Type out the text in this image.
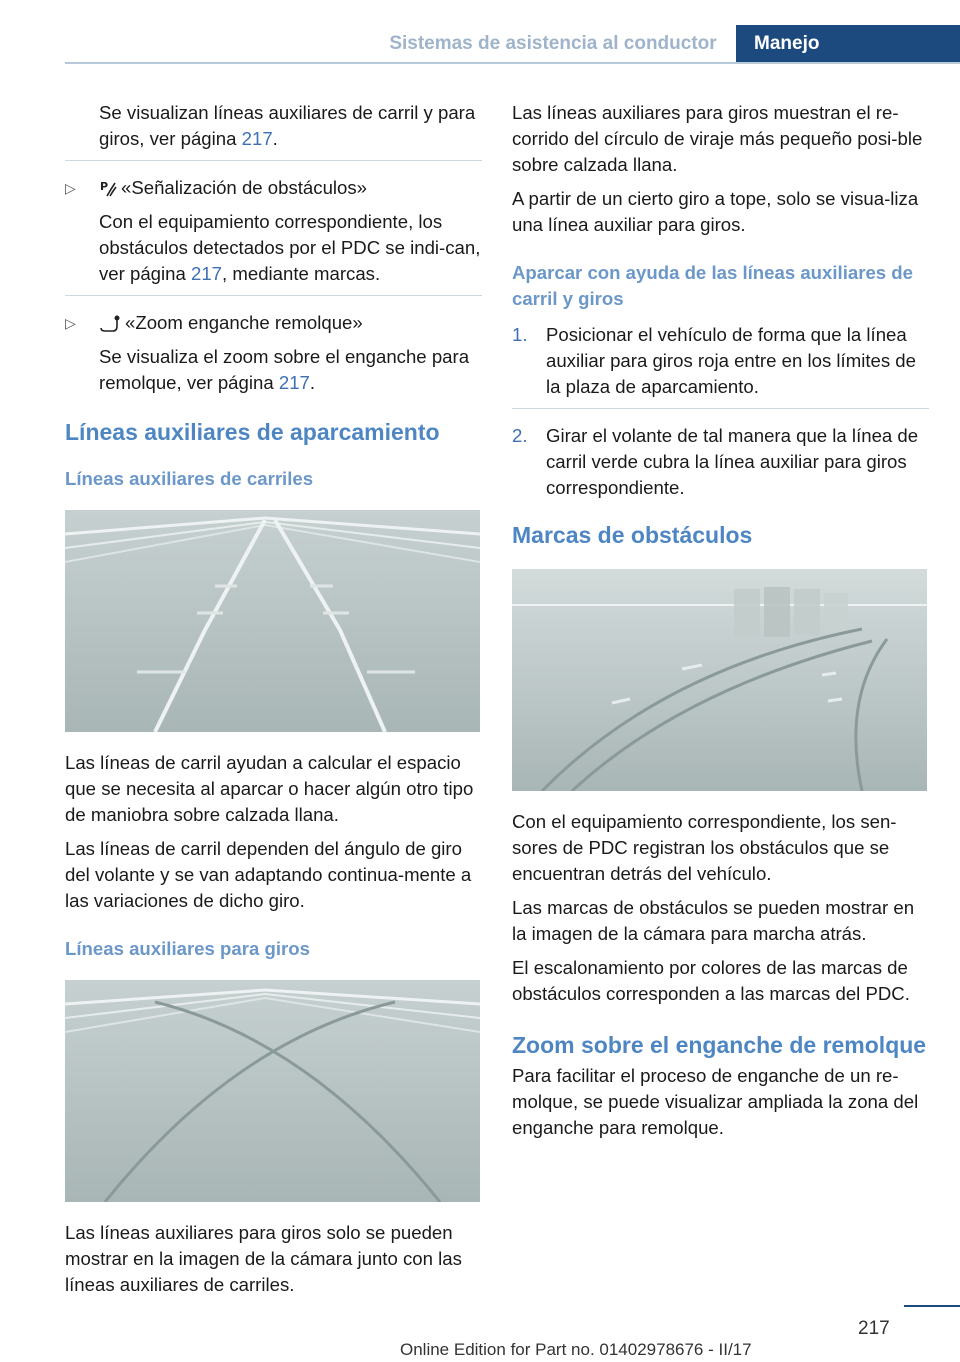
Sistemas de asistencia al conductor	Manejo

Se visualizan líneas auxiliares de carril y para giros, ver página 217.

▷ P «Señalización de obstáculos»

Con el equipamiento correspondiente, los obstáculos detectados por el PDC se indi-can, ver página 217, mediante marcas.

▷	«Zoom enganche remolque»

Se visualiza el zoom sobre el enganche para remolque, ver página 217.

Líneas auxiliares de aparcamiento
Líneas auxiliares de carriles

Las líneas de carril ayudan a calcular el espacio que se necesita al aparcar o hacer algún otro tipo de maniobra sobre calzada llana.

Las líneas de carril dependen del ángulo de giro del volante y se van adaptando continua-mente a las variaciones de dicho giro.

Líneas auxiliares para giros

Las líneas auxiliares para giros solo se pueden mostrar en la imagen de la cámara junto con las líneas auxiliares de carriles.

Las líneas auxiliares para giros muestran el re-corrido del círculo de viraje más pequeño posi-ble sobre calzada llana.

A partir de un cierto giro a tope, solo se visua-liza una línea auxiliar para giros.

Aparcar con ayuda de las líneas auxiliares de carril y giros
1. Posicionar el vehículo de forma que la línea auxiliar para giros roja entre en los límites de la plaza de aparcamiento.

2. Girar el volante de tal manera que la línea de carril verde cubra la línea auxiliar para giros correspondiente.

Marcas de obstáculos

Con el equipamiento correspondiente, los sen-sores de PDC registran los obstáculos que se encuentran detrás del vehículo.

Las marcas de obstáculos se pueden mostrar en la imagen de la cámara para marcha atrás.

El escalonamiento por colores de las marcas de obstáculos corresponden a las marcas del PDC.

Zoom sobre el enganche de remolque

Para facilitar el proceso de enganche de un re-molque, se puede visualizar ampliada la zona del enganche para remolque.

217
Online Edition for Part no. 01402978676 - II/17
